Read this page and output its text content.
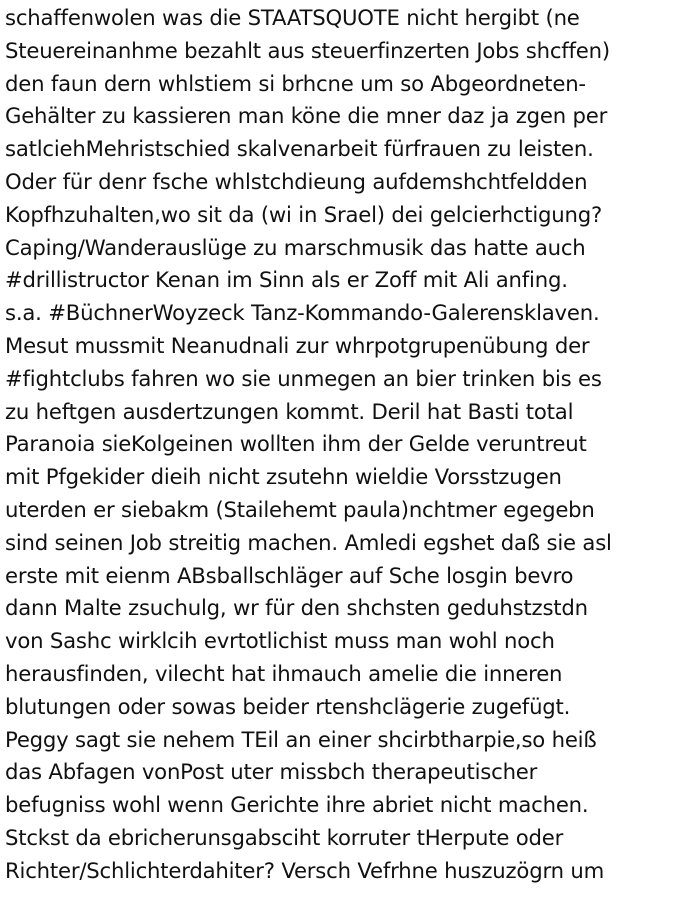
schaffenwolen was die STAATSQUOTE nicht hergibt (ne
Steuereinanhme bezahlt aus steuerfinzerten Jobs shcffen)
den faun dern whlstiem si brhcne um so Abgeordneten-
Gehälter zu kassieren man köne die mner daz ja zgen per
satlciehMehristschied skalvenarbeit fürfrauen zu leisten.
Oder für denr fsche whlstchdieung aufdemshchtfeldden
Kopfhzuhalten,wo sit da (wi in Srael) dei gelcierhctigung?
Caping/Wanderauslüge zu marschmusik das hatte auch
#drillistructor Kenan im Sinn als er Zoff mit Ali anfing.
s.a. #BüchnerWoyzeck Tanz-Kommando-Galerensklaven.
Mesut mussmit Neanudnali zur whrpotgrupenübung der
#fightclubs fahren wo sie unmegen an bier trinken bis es
zu heftgen ausdertzungen kommt. Deril hat Basti total
Paranoia sieKolgeinen wollten ihm der Gelde veruntreut
mit Pfgekider dieih nicht zsutehn wieldie Vorsstzugen
uterden er siebakm (Stailehemt paula)nchtmer egegebn
sind seinen Job streitig machen. Amledi egshet daß sie asl
erste mit eienm ABsballschläger auf Sche losgin bevro
dann Malte zsuchulg, wr für den shchsten geduhstzstdn
von Sashc wirklcih evrtotlichist muss man wohl noch
herausfinden, vilecht hat ihmauch amelie die inneren
blutungen oder sowas beider rtenshclägerie zugefügt.
Peggy sagt sie nehem TEil an einer shcirbtharpie,so heiß
das Abfagen vonPost uter missbch therapeutischer
befugniss wohl wenn Gerichte ihre abriet nicht machen.
Stckst da ebricherunsgabsciht korruter tHerpute oder
Richter/Schlichterdahiter? Versch Vefrhne huszuzögrn um
